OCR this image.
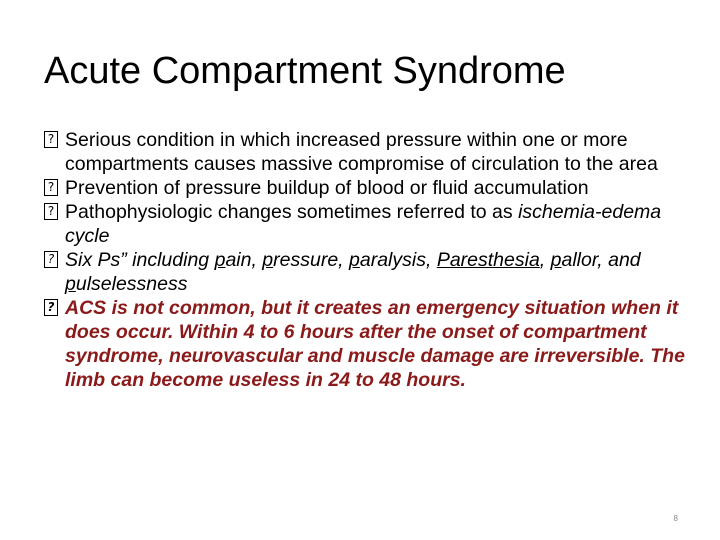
Acute Compartment Syndrome
?
Serious condition in which increased pressure within one or more compartments causes massive compromise of circulation to the area
?
Prevention of pressure buildup of blood or fluid accumulation
?
Pathophysiologic changes sometimes referred to as ischemia-edema cycle
?
Six Ps” including pain, pressure, paralysis, Paresthesia, pallor, and pulselessness
?
ACS is not common, but it creates an emergency situation when it does occur. Within 4 to 6 hours after the onset of compartment syndrome, neurovascular and muscle damage are irreversible. The limb can become useless in 24 to 48 hours.
8
